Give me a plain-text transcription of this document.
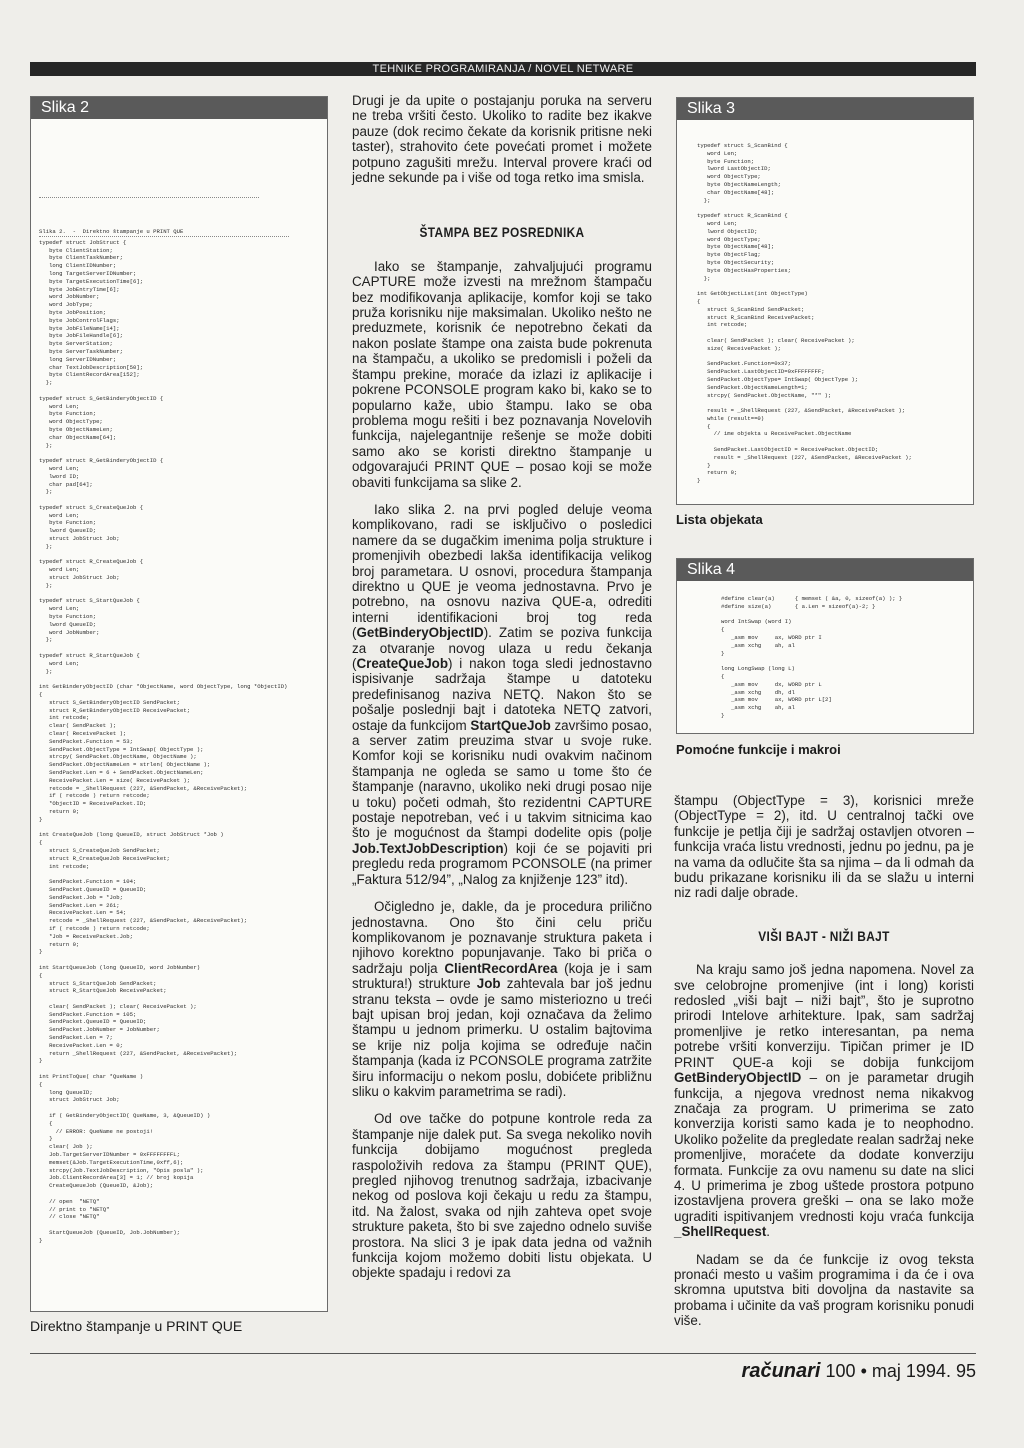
TEHNIKE PROGRAMIRANJA / NOVEL NETWARE
Slika 2
Slika 2.  -  Direktno štampanje u PRINT QUE
typedef struct JobStruct {
byte ClientStation;
byte ClientTaskNumber;
long ClientIDNumber;
long TargetServerIDNumber;
byte TargetExecutionTime[6];
byte JobEntryTime[6];
word JobNumber;
word JobType;
byte JobPosition;
byte JobControlFlags;
byte JobFileName[14];
byte JobFileHandle[6];
byte ServerStation;
byte ServerTaskNumber;
long ServerIDNumber;
char TextJobDescription[50];
byte ClientRecordArea[152];
};

typedef struct S_GetBinderyObjectID {
word Len;
byte Function;
word ObjectType;
byte ObjectNameLen;
char ObjectName[64];
};

typedef struct R_GetBinderyObjectID {
word Len;
lword ID;
char pad[64];
};

typedef struct S_CreateQueJob {
word Len;
byte Function;
lword QueueID;
struct JobStruct Job;
};

typedef struct R_CreateQueJob {
word Len;
struct JobStruct Job;
};

typedef struct S_StartQueJob {
word Len;
byte Function;
lword QueueID;
word JobNumber;
};

typedef struct R_StartQueJob {
word Len;
};

int GetBinderyObjectID (char *ObjectName, word ObjectType, long *ObjectID)
{
struct S_GetBinderyObjectID SendPacket;
struct R_GetBinderyObjectID ReceivePacket;
int retcode;
clear( SendPacket );
clear( ReceivePacket );
SendPacket.Function = 53;
SendPacket.ObjectType = IntSwap( ObjectType );
strcpy( SendPacket.ObjectName, ObjectName );
SendPacket.ObjectNameLen = strlen( ObjectName );
SendPacket.Len = 6 + SendPacket.ObjectNameLen;
ReceivePacket.Len = size( ReceivePacket );
retcode = _ShellRequest (227, &SendPacket, &ReceivePacket);
if ( retcode ) return retcode;
*ObjectID = ReceivePacket.ID;
return 0;
}

int CreateQueJob (long QueueID, struct JobStruct *Job )
{
struct S_CreateQueJob SendPacket;
struct R_CreateQueJob ReceivePacket;
int retcode;

SendPacket.Function = 104;
SendPacket.QueueID = QueueID;
SendPacket.Job = *Job;
SendPacket.Len = 261;
ReceivePacket.Len = 54;
retcode = _ShellRequest (227, &SendPacket, &ReceivePacket);
if ( retcode ) return retcode;
*Job = ReceivePacket.Job;
return 0;
}

int StartQueueJob (long QueueID, word JobNumber)
{
struct S_StartQueJob SendPacket;
struct R_StartQueJob ReceivePacket;

clear( SendPacket ); clear( ReceivePacket );
SendPacket.Function = 105;
SendPacket.QueueID = QueueID;
SendPacket.JobNumber = JobNumber;
SendPacket.Len = 7;
ReceivePacket.Len = 0;
return _ShellRequest (227, &SendPacket, &ReceivePacket);
}

int PrintToQue( char *QueName )
{
long QueueID;
struct JobStruct Job;

if ( GetBinderyObjectID( QueName, 3, &QueueID) )
{
// ERROR: QueName ne postoji!
}
clear( Job );
Job.TargetServerIDNumber = 0xFFFFFFFFL;
memset(&Job.TargetExecutionTime,0xff,6);
strcpy(Job.TextJobDescription, "Opis posla" );
Job.ClientRecordArea[3] = 1; // broj kopija
CreateQueueJob (QueueID, &Job);

// open  "NETQ"
// print to "NETQ"
// close "NETQ"

StartQueueJob (QueueID, Job.JobNumber);
}
Direktno štampanje u PRINT QUE

Drugi je da upite o postajanju poruka na serveru ne treba vršiti često. Ukoliko to radite bez ikakve pauze (dok recimo čekate da korisnik pritisne neki taster), strahovito ćete povećati promet i možete potpuno zagušiti mrežu. Interval provere kraći od jedne sekunde pa i više od toga retko ima smisla.

ŠTAMPA BEZ POSREDNIKA

Iako se štampanje, zahvaljujući programu CAPTURE može izvesti na mrežnom štampaču bez modifikovanja aplikacije, komfor koji se tako pruža korisniku nije maksimalan. Ukoliko nešto ne preduzmete, korisnik će nepotrebno čekati da nakon poslate štampe ona zaista bude pokrenuta na štampaču, a ukoliko se predomisli i poželi da štampu prekine, moraće da izlazi iz aplikacije i pokrene PCONSOLE program kako bi, kako se to popularno kaže, ubio štampu. Iako se oba problema mogu rešiti i bez poznavanja Novelovih funkcija, najelegantnije rešenje se može dobiti samo ako se koristi direktno štampanje u odgovarajući PRINT QUE – posao koji se može obaviti funkcijama sa slike 2.

Iako slika 2. na prvi pogled deluje veoma komplikovano, radi se isključivo o posledici namere da se dugačkim imenima polja strukture i promenjivih obezbedi lakša identifikacija velikog broj parametara. U osnovi, procedura štampanja direktno u QUE je veoma jednostavna. Prvo je potrebno, na osnovu naziva QUE-a, odrediti interni identifikacioni broj tog reda (GetBinderyObjectID). Zatim se poziva funkcija za otvaranje novog ulaza u redu čekanja (CreateQueJob) i nakon toga sledi jednostavno ispisivanje sadržaja štampe u datoteku predefinisanog naziva NETQ. Nakon što se pošalje poslednji bajt i datoteka NETQ zatvori, ostaje da funkcijom StartQueJob završimo posao, a server zatim preuzima stvar u svoje ruke. Komfor koji se korisniku nudi ovakvim načinom štampanja ne ogleda se samo u tome što će štampanje (naravno, ukoliko neki drugi posao nije u toku) početi odmah, što rezidentni CAPTURE postaje nepotreban, već i u takvim sitnicima kao što je mogućnost da štampi dodelite opis (polje Job.TextJobDescription) koji će se pojaviti pri pregledu reda programom PCONSOLE (na primer „Faktura 512/94”, „Nalog za knjiženje 123” itd).

Očigledno je, dakle, da je procedura prilično jednostavna. Ono što čini celu priču komplikovanom je poznavanje struktura paketa i njihovo korektno popunjavanje. Tako bi priča o sadržaju polja ClientRecordArea (koja je i sam struktura!) strukture Job zahtevala bar još jednu stranu teksta – ovde je samo misteriozno u treći bajt upisan broj jedan, koji označava da želimo štampu u jednom primerku. U ostalim bajtovima se krije niz polja kojima se određuje način štampanja (kada iz PCONSOLE programa zatržite širu informaciju o nekom poslu, dobićete približnu sliku o kakvim parametrima se radi).

Od ove tačke do potpune kontrole reda za štampanje nije dalek put. Sa svega nekoliko novih funkcija dobijamo mogućnost pregleda raspoloživih redova za štampu (PRINT QUE), pregled njihovog trenutnog sadržaja, izbacivanje nekog od poslova koji čekaju u redu za štampu, itd. Na žalost, svaka od njih zahteva opet svoje strukture paketa, što bi sve zajedno odnelo suviše prostora. Na slici 3 je ipak data jedna od važnih funkcija kojom možemo dobiti listu objekata. U objekte spadaju i redovi za

Slika 3
typedef struct S_ScanBind {
word Len;
byte Function;
lword LastObjectID;
word ObjectType;
byte ObjectNameLength;
char ObjectName[48];
};

typedef struct R_ScanBind {
word Len;
lword ObjectID;
word ObjectType;
byte ObjectName[48];
byte ObjectFlag;
byte ObjectSecurity;
byte ObjectHasProperties;
};

int GetObjectList(int ObjectType)
{
struct S_ScanBind SendPacket;
struct R_ScanBind ReceivePacket;
int retcode;

clear( SendPacket ); clear( ReceivePacket );
size( ReceivePacket );

SendPacket.Function=0x37;
SendPacket.LastObjectID=0xFFFFFFFF;
SendPacket.ObjectType= IntSwap( ObjectType );
SendPacket.ObjectNameLength=1;
strcpy( SendPacket.ObjectName, "*" );

result = _ShellRequest (227, &SendPacket, &ReceivePacket );
while (result==0)
{
// ime objekta u ReceivePacket.ObjectName

SendPacket.LastObjectID = ReceivePacket.ObjectID;
result = _ShellRequest (227, &SendPacket, &ReceivePacket );
}
return 0;
}
Lista objekata
Slika 4
#define clear(a)      { memset ( &a, 0, sizeof(a) ); }
#define size(a)       { a.Len = sizeof(a)-2; }

word IntSwap (word I)
{
_asm mov     ax, WORD ptr I
_asm xchg    ah, al
}

long LongSwap (long L)
{
_asm mov     dx, WORD ptr L
_asm xchg    dh, dl
_asm mov     ax, WORD ptr L[2]
_asm xchg    ah, al
}
Pomoćne funkcije i makroi

štampu (ObjectType = 3), korisnici mreže (ObjectType = 2), itd. U centralnoj tački ove funkcije je petlja čiji je sadržaj ostavljen otvoren – funkcija vraća listu vrednosti, jednu po jednu, pa je na vama da odlučite šta sa njima – da li odmah da budu prikazane korisniku ili da se slažu u interni niz radi dalje obrade.

VIŠI BAJT - NIŽI BAJT

Na kraju samo još jedna napomena. Novel za sve celobrojne promenjive (int i long) koristi redosled „viši bajt – niži bajt”, što je suprotno prirodi Intelove arhitekture. Ipak, sam sadržaj promenljive je retko interesantan, pa nema potrebe vršiti konverziju. Tipičan primer je ID PRINT QUE-a koji se dobija funkcijom GetBinderyObjectID – on je parametar drugih funkcija, a njegova vrednost nema nikakvog značaja za program. U primerima se zato konverzija koristi samo kada je to neophodno. Ukoliko poželite da pregledate realan sadržaj neke promenljive, moraćete da dodate konverziju formata. Funkcije za ovu namenu su date na slici 4. U primerima je zbog uštede prostora potpuno izostavljena provera greški – ona se lako može ugraditi ispitivanjem vrednosti koju vraća funkcija _ShellRequest.

Nadam se da će funkcije iz ovog teksta pronaći mesto u vašim programima i da će i ova skromna uputstva biti dovoljna da nastavite sa probama i učinite da vaš program korisniku ponudi više.

računari 100 • maj 1994. 95
